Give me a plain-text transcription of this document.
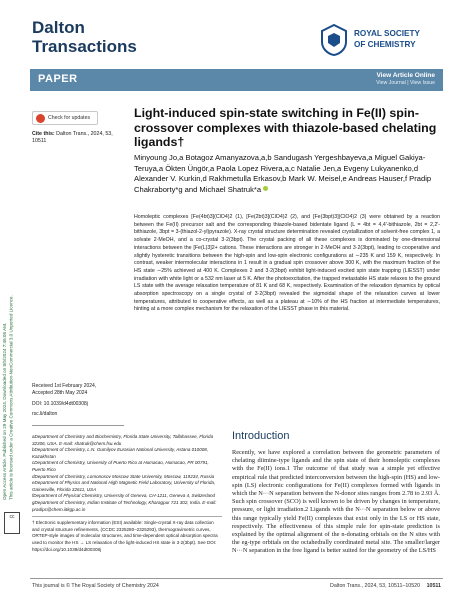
Open Access Article. Published on 29 May 2024. Downloaded on 8/5/2024 7:46:06 AM. This article is licensed under a Creative Commons Attribution-NonCommercial 3.0 Unported Licence.
cc
Dalton
Transactions
ROYAL SOCIETY
OF CHEMISTRY
PAPER	View Article Online
View Journal | View Issue
Check for updates
Cite this: Dalton Trans., 2024, 53, 10511
Light-induced spin-state switching in Fe(II) spin-crossover complexes with thiazole-based chelating ligands†
Minyoung Jo,a Botagoz Amanyazova,a,b Sandugash Yergeshbayeva,a Miguel Gakiya-Teruya,a Ökten Üngör,a Paola Lopez Rivera,a,c Natalie Jen,a Evgeny Lukyanenko,d Alexander V. Kurkin,d Rakhmetulla Erkasov,b Mark W. Meisel,e Andreas Hauser,f Pradip Chakraborty*g and Michael Shatruk*a
Homoleptic complexes [Fe(4bt)3](ClO4)2 (1), [Fe(2bt)3](ClO4)2 (2), and [Fe(3bpt)3](ClO4)2 (3) were obtained by a reaction between the Fe(II) precursor salt and the corresponding thiazole-based bidentate ligand (L = 4bt = 4,4′-bithiazole, 2bt = 2,2′-bithiazole, 3bpt = 3-(thiazol-2-yl)pyrazole). X-ray crystal structure determination revealed crystallization of solvent-free complex 1, a solvate 2·MeOH, and a co-crystal 3·2(3bpt). The crystal packing of all these complexes is dominated by one-dimensional interactions between the [Fe(L)3]2+ cations. These interactions are stronger in 2·MeOH and 3·2(3bpt), leading to cooperative and slightly hysteretic transitions between the high-spin and low-spin electronic configurations at ∼235 K and 159 K, respectively. In contrast, weaker intermolecular interactions in 1 result in a gradual spin crossover above 300 K, with the maximum fraction of the HS state ∼25% achieved at 400 K. Complexes 2 and 3·2(3bpt) exhibit light-induced excited spin state trapping (LIESST) under irradiation with white light or a 532 nm laser at 5 K. After the photoexcitation, the trapped metastable HS state relaxes to the ground LS state with the average relaxation temperature of 81 K and 68 K, respectively. Examination of the relaxation dynamics by optical absorption spectroscopy on a single crystal of 3·2(3bpt) revealed the sigmoidal shape of the relaxation curves at lower temperatures, attributed to cooperative effects, as well as a plateau at ∼10% of the HS fraction at intermediate temperatures, hinting at a more complex mechanism for the relaxation of the LIESST phase in this material.
Received 1st February 2024,
Accepted 28th May 2024
DOI: 10.1039/d4dt00308j
rsc.li/dalton
aDepartment of Chemistry and Biochemistry, Florida State University, Tallahassee, Florida 32306, USA. E-mail: shatruk@chem.fsu.edu
bDepartment of Chemistry, L.N. Gumilyov Eurasian National University, Astana 010008, Kazakhstan
cDepartment of Chemistry, University of Puerto Rico at Humacao, Humacao, PR 00791, Puerto Rico
dDepartment of Chemistry, Lomonosov Moscow State University, Moscow, 119234, Russia
eDepartment of Physics and National High Magnetic Field Laboratory, University of Florida, Gainesville, Florida 32611, USA
fDepartment of Physical Chemistry, University of Geneva, CH-1211, Geneva 4, Switzerland
gDepartment of Chemistry, Indian Institute of Technology, Kharagpur 721 302, India. E-mail: pradipc@chem.iitkgp.ac.in
† Electronic supplementary information (ESI) available: Single-crystal X-ray data collection and crystal structure refinements, (CCDC 2325280–2325293), thermogravimetric curves, ORTEP-style images of molecular structures, and time-dependent optical absorption spectra used to monitor the HS → LS relaxation of the light-induced HS state in 3·2(3bpt). See DOI: https://doi.org/10.1039/d4dt00308j
Introduction
Recently, we have explored a correlation between the geometric parameters of chelating diimine-type ligands and the spin state of their homoleptic complexes with the Fe(II) ions.1 The outcome of that study was a simple yet effective empirical rule that predicted interconversion between the high-spin (HS) and low-spin (LS) electronic configurations for Fe(II) complexes formed with ligands in which the N···N separation between the N-donor sites ranges from 2.78 to 2.93 Å. Such spin crossover (SCO) is well known to be driven by changes in temperature, pressure, or light irradiation.2 Ligands with the N···N separation below or above this range typically yield Fe(II) complexes that exist only in the LS or HS state, respectively. The effectiveness of this simple rule for spin-state prediction is explained by the optimal alignment of the n-donating orbitals on the N sites with the eg-type orbitals on the octahedrally coordinated metal site. The smaller/larger N···N separation in the free ligand is better suited for the geometry of the LS/HS
This journal is © The Royal Society of Chemistry 2024	Dalton Trans., 2024, 53, 10511–10520 10511
